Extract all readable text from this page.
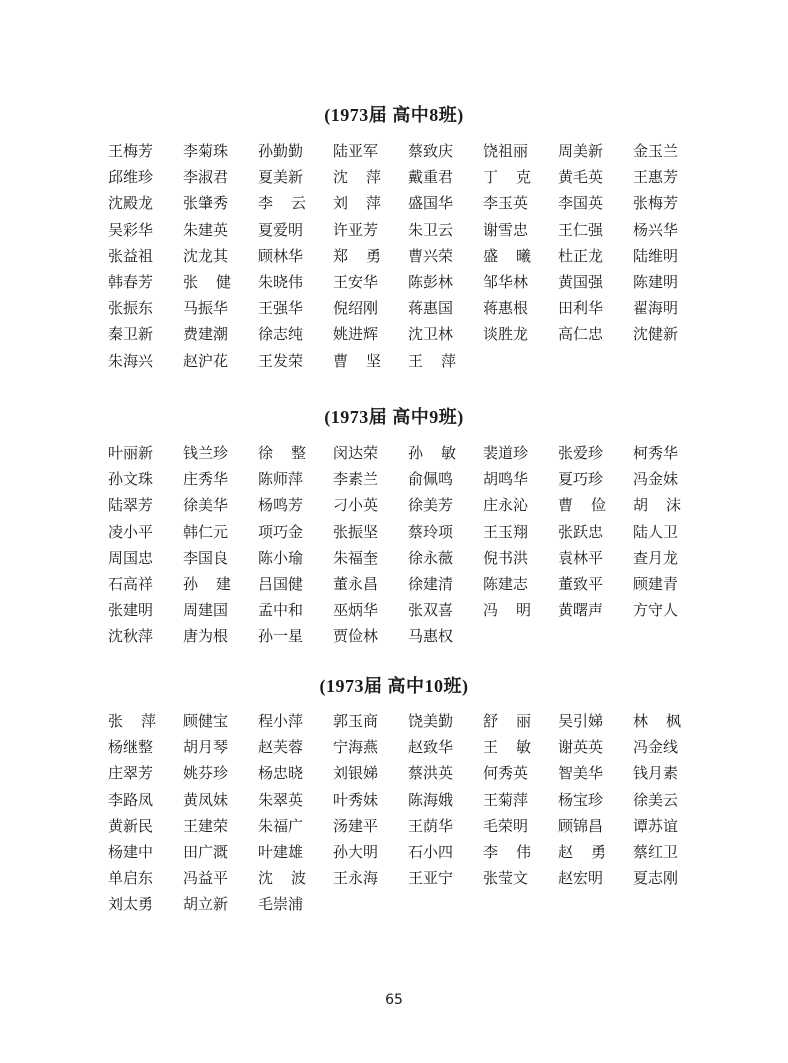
(1973届 高中8班)
王梅芳	李菊珠	孙勤勤	陆亚军	蔡致庆	饶祖丽	周美新	金玉兰
邱维珍	李淑君	夏美新	沈 萍 戴重君	丁 克 黄毛英	王惠芳
沈殿龙	张肇秀	李 云 刘 萍 盛国华	李玉英	李国英	张梅芳
吴彩华	朱建英	夏爱明	许亚芳	朱卫云	谢雪忠	王仁强	杨兴华
张益祖	沈龙其	顾林华	郑 勇 曹兴荣	盛 曦 杜正龙	陆维明
韩春芳	张 健 朱晓伟	王安华	陈彭林	邹华林	黄国强	陈建明
张振东	马振华	王强华	倪绍刚	蒋惠国	蒋惠根	田利华	翟海明
秦卫新	费建潮	徐志纯	姚进辉	沈卫林	谈胜龙	高仁忠	沈健新
朱海兴	赵沪花	王发荣	曹 坚 王 萍
(1973届 高中9班)
叶丽新	钱兰珍	徐 整 闵达荣	孙 敏 裴道珍	张爱珍	柯秀华
孙文珠	庄秀华	陈师萍	李素兰	俞佩鸣	胡鸣华	夏巧珍	冯金妹
陆翠芳	徐美华	杨鸣芳	刁小英	徐美芳	庄永沁	曹 俭 胡 沫
凌小平	韩仁元	项巧金	张振坚	蔡玲项	王玉翔	张跃忠	陆人卫
周国忠	李国良	陈小瑜	朱福奎	徐永薇	倪书洪	袁林平	查月龙
石高祥	孙 建 吕国健	董永昌	徐建清	陈建志	董致平	顾建青
张建明	周建国	孟中和	巫炳华	张双喜	冯 明 黄曙声	方守人
沈秋萍	唐为根	孙一星	贾俭林	马惠权
(1973届 高中10班)
张 萍 顾健宝	程小萍	郭玉商	饶美勤	舒 丽 吴引娣	林 枫
杨继整	胡月琴	赵芙蓉	宁海燕	赵致华	王 敏 谢英英	冯金线
庄翠芳	姚芬珍	杨忠晓	刘银娣	蔡洪英	何秀英	智美华	钱月素
李路凤	黄凤妹	朱翠英	叶秀妹	陈海娥	王菊萍	杨宝珍	徐美云
黄新民	王建荣	朱福广	汤建平	王荫华	毛荣明	顾锦昌	谭苏谊
杨建中	田广溉	叶建雄	孙大明	石小四	李 伟 赵 勇 蔡红卫
单启东	冯益平	沈 波 王永海	王亚宁	张莹文	赵宏明	夏志刚
刘太勇	胡立新	毛崇浦
65
